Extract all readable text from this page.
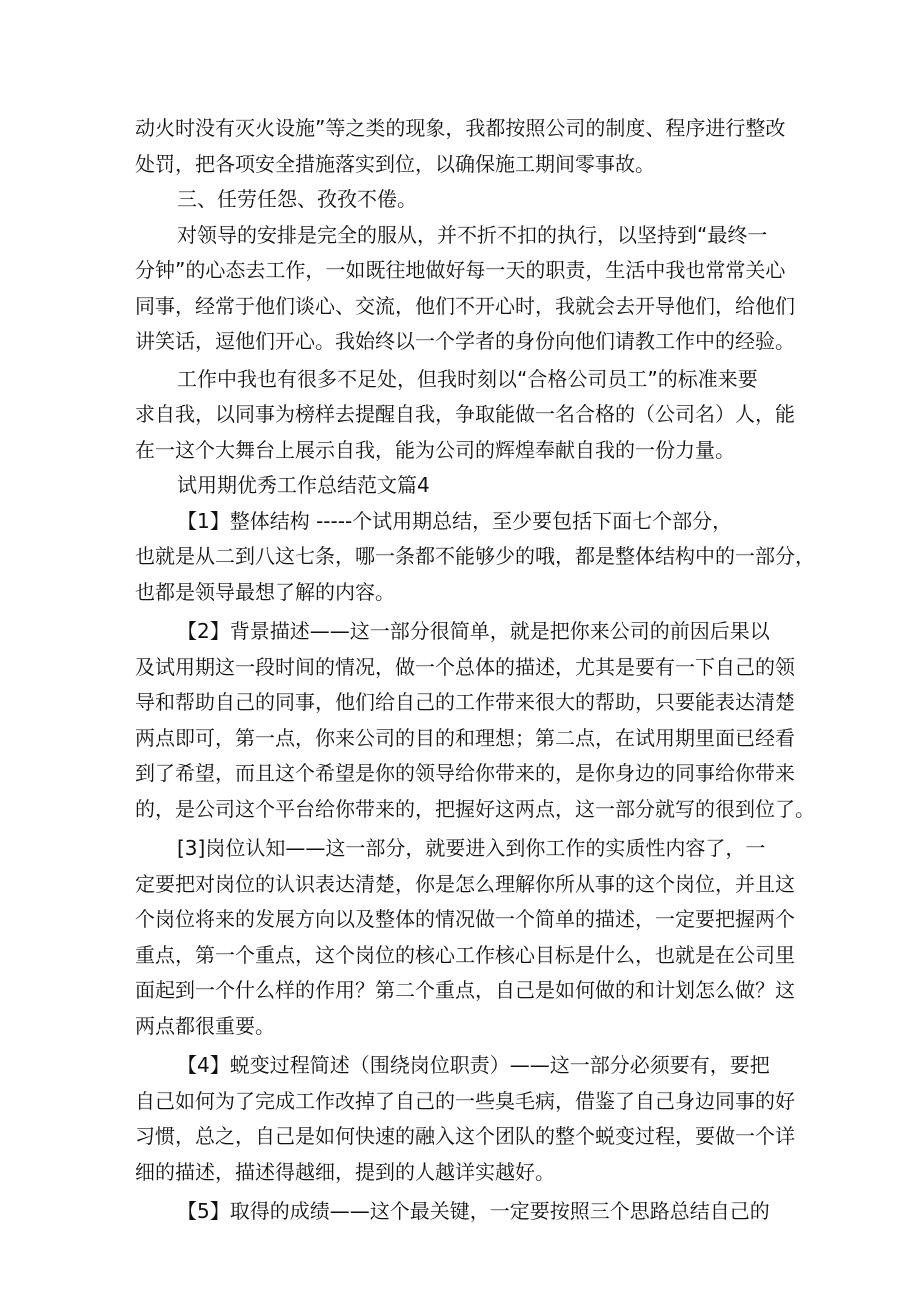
动火时没有灭火设施”等之类的现象，我都按照公司的制度、程序进行整改
处罚，把各项安全措施落实到位，以确保施工期间零事故。
三、任劳任怨、孜孜不倦。
对领导的安排是完全的服从，并不折不扣的执行，以坚持到“最终一
分钟”的心态去工作，一如既往地做好每一天的职责，生活中我也常常关心
同事，经常于他们谈心、交流，他们不开心时，我就会去开导他们，给他们
讲笑话，逗他们开心。我始终以一个学者的身份向他们请教工作中的经验。
工作中我也有很多不足处，但我时刻以“合格公司员工”的标准来要
求自我，以同事为榜样去提醒自我，争取能做一名合格的（公司名）人，能
在一这个大舞台上展示自我，能为公司的辉煌奉献自我的一份力量。
试用期优秀工作总结范文篇4
【1】整体结构 -----个试用期总结，至少要包括下面七个部分，
也就是从二到八这七条，哪一条都不能够少的哦，都是整体结构中的一部分，
也都是领导最想了解的内容。
【2】背景描述——这一部分很简单，就是把你来公司的前因后果以
及试用期这一段时间的情况，做一个总体的描述，尤其是要有一下自己的领
导和帮助自己的同事，他们给自己的工作带来很大的帮助，只要能表达清楚
两点即可，第一点，你来公司的目的和理想；第二点，在试用期里面已经看
到了希望，而且这个希望是你的领导给你带来的，是你身边的同事给你带来
的，是公司这个平台给你带来的，把握好这两点，这一部分就写的很到位了。
[3]岗位认知——这一部分，就要进入到你工作的实质性内容了，一
定要把对岗位的认识表达清楚，你是怎么理解你所从事的这个岗位，并且这
个岗位将来的发展方向以及整体的情况做一个简单的描述，一定要把握两个
重点，第一个重点，这个岗位的核心工作核心目标是什么，也就是在公司里
面起到一个什么样的作用？第二个重点，自己是如何做的和计划怎么做？这
两点都很重要。
【4】蜕变过程简述（围绕岗位职责）——这一部分必须要有，要把
自己如何为了完成工作改掉了自己的一些臭毛病，借鉴了自己身边同事的好
习惯，总之，自己是如何快速的融入这个团队的整个蜕变过程，要做一个详
细的描述，描述得越细，提到的人越详实越好。
【5】取得的成绩——这个最关键，一定要按照三个思路总结自己的
